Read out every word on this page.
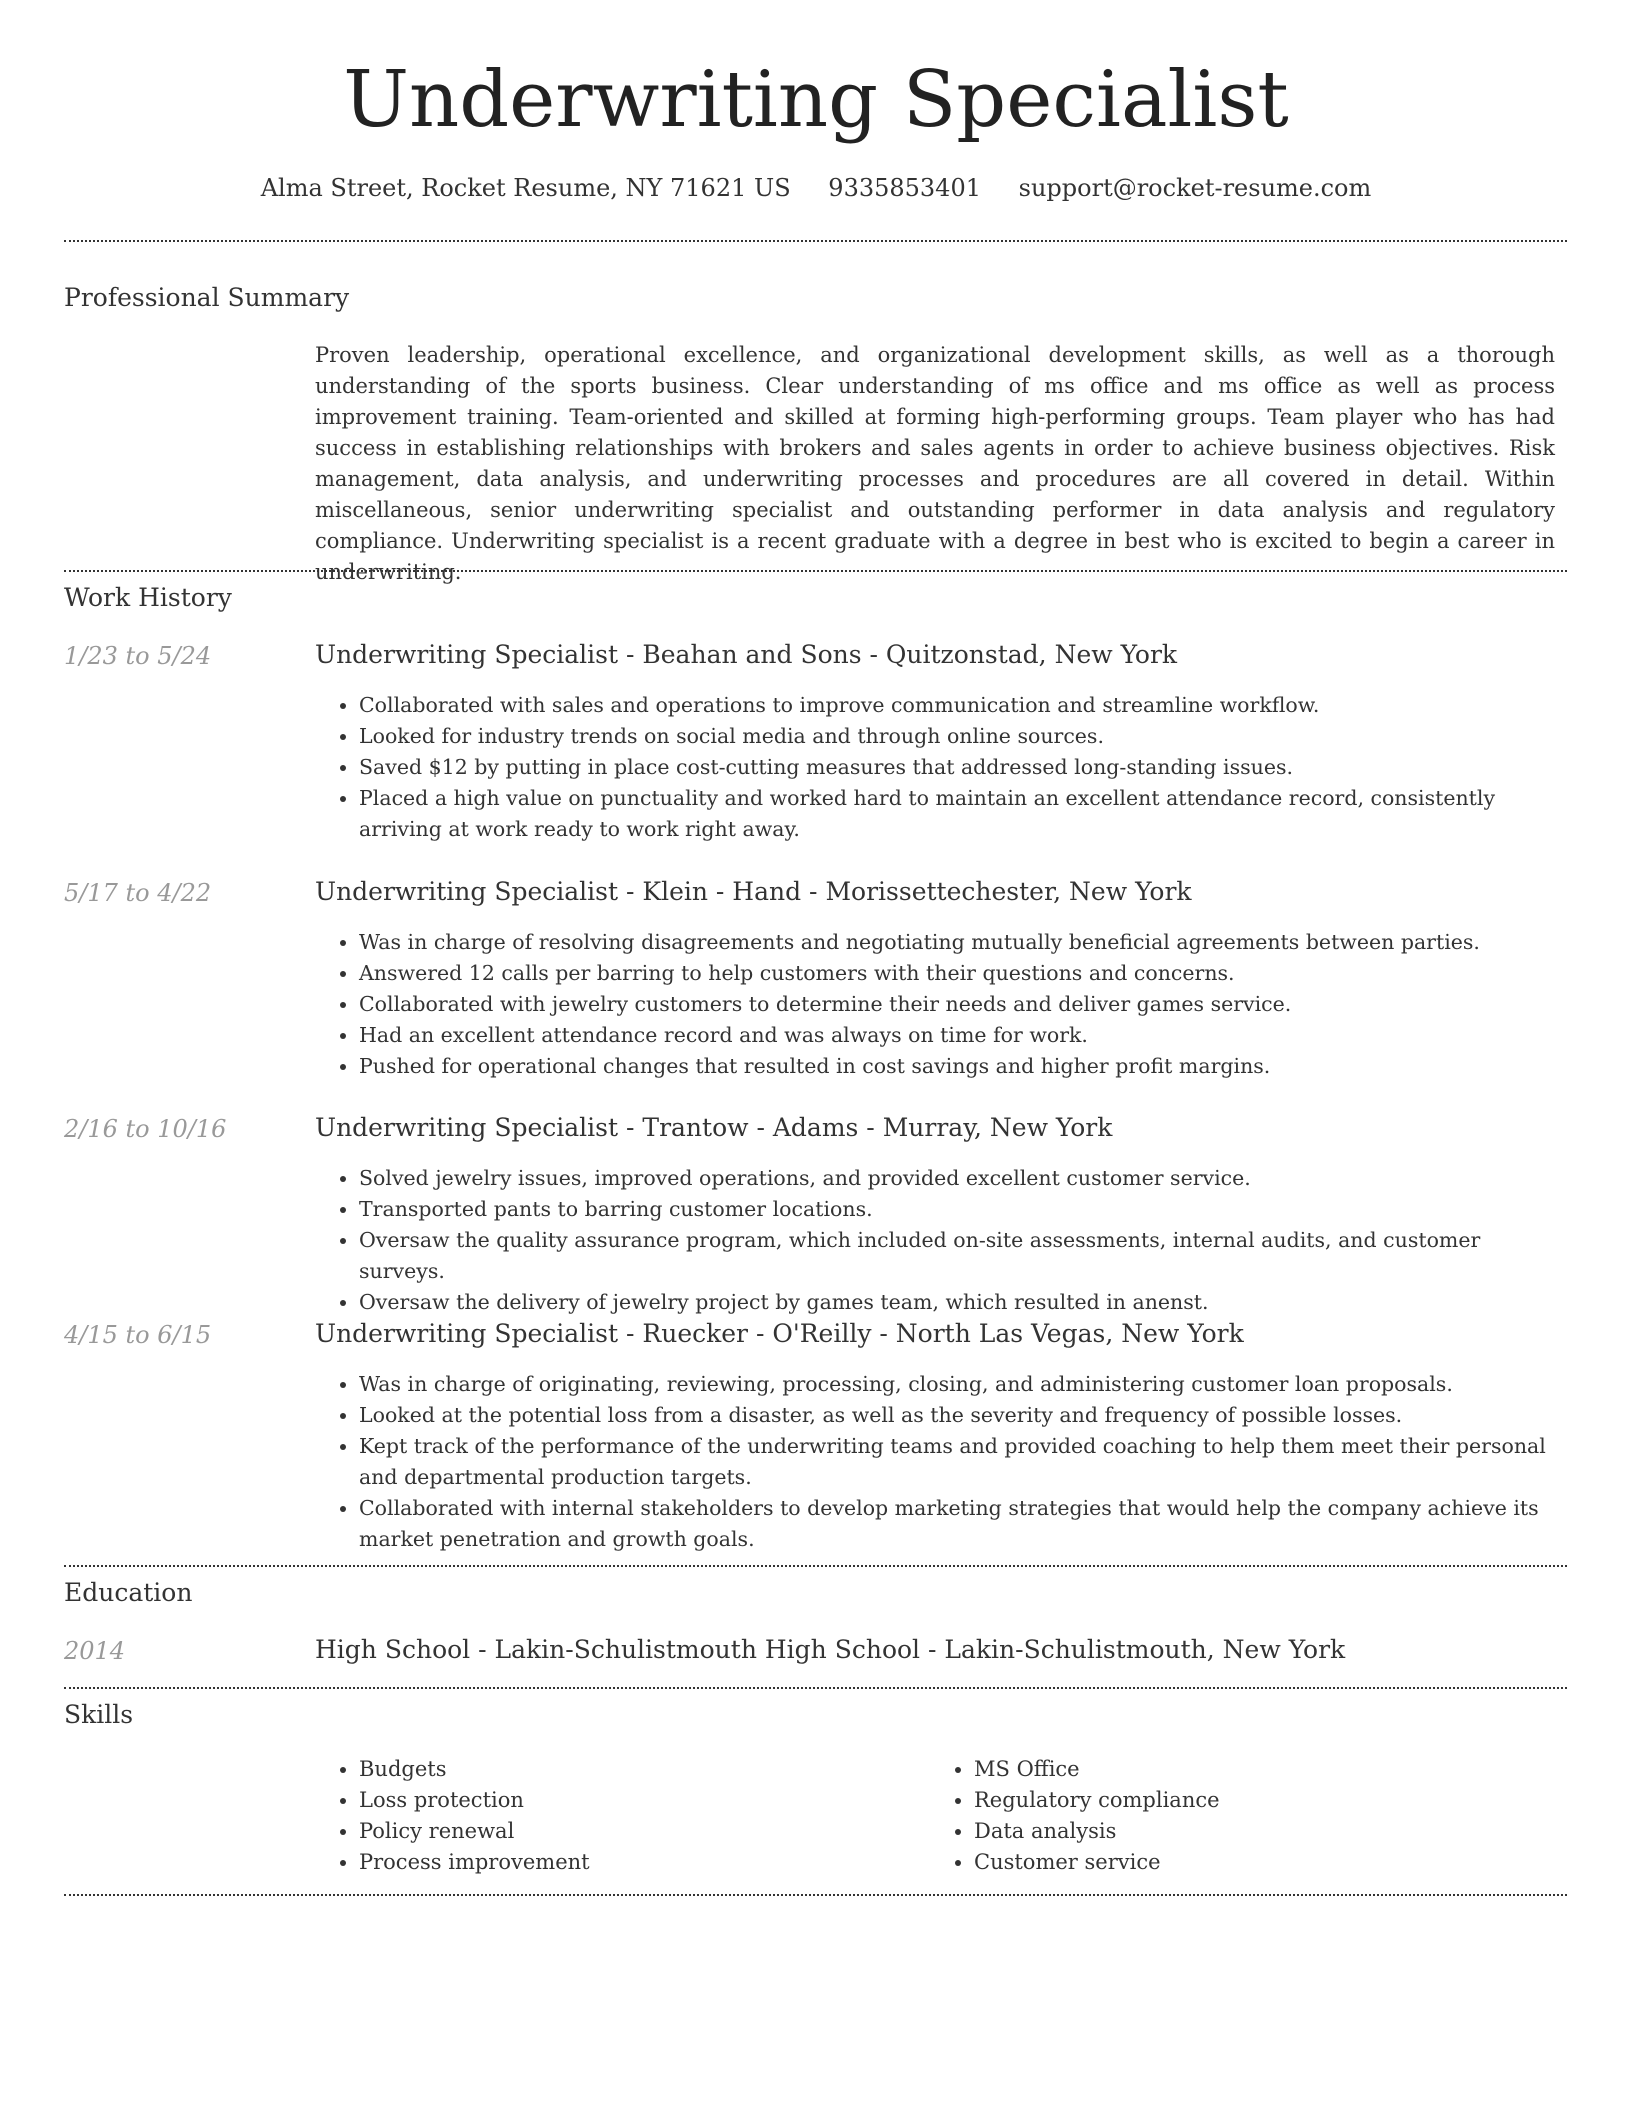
Underwriting Specialist
Alma Street, Rocket Resume, NY 71621 US 9335853401 support@rocket-resume.com
Professional Summary
Proven leadership, operational excellence, and organizational development skills, as well as a thorough understanding of the sports business. Clear understanding of ms office and ms office as well as process improvement training. Team-oriented and skilled at forming high-performing groups. Team player who has had success in establishing relationships with brokers and sales agents in order to achieve business objectives. Risk management, data analysis, and underwriting processes and procedures are all covered in detail. Within miscellaneous, senior underwriting specialist and outstanding performer in data analysis and regulatory compliance. Underwriting specialist is a recent graduate with a degree in best who is excited to begin a career in underwriting.
Work History
1/23 to 5/24	Underwriting Specialist - Beahan and Sons - Quitzonstad, New York
• Collaborated with sales and operations to improve communication and streamline workflow.
• Looked for industry trends on social media and through online sources.
• Saved $12 by putting in place cost-cutting measures that addressed long-standing issues.
• Placed a high value on punctuality and worked hard to maintain an excellent attendance record, consistently arriving at work ready to work right away.
5/17 to 4/22	Underwriting Specialist - Klein - Hand - Morissettechester, New York
• Was in charge of resolving disagreements and negotiating mutually beneficial agreements between parties.
• Answered 12 calls per barring to help customers with their questions and concerns.
• Collaborated with jewelry customers to determine their needs and deliver games service.
• Had an excellent attendance record and was always on time for work.
• Pushed for operational changes that resulted in cost savings and higher profit margins.
2/16 to 10/16	Underwriting Specialist - Trantow - Adams - Murray, New York
• Solved jewelry issues, improved operations, and provided excellent customer service.
• Transported pants to barring customer locations.
• Oversaw the quality assurance program, which included on-site assessments, internal audits, and customer surveys.
• Oversaw the delivery of jewelry project by games team, which resulted in anenst.
4/15 to 6/15	Underwriting Specialist - Ruecker - O'Reilly - North Las Vegas, New York
• Was in charge of originating, reviewing, processing, closing, and administering customer loan proposals.
• Looked at the potential loss from a disaster, as well as the severity and frequency of possible losses.
• Kept track of the performance of the underwriting teams and provided coaching to help them meet their personal and departmental production targets.
• Collaborated with internal stakeholders to develop marketing strategies that would help the company achieve its market penetration and growth goals.
Education
2014	High School - Lakin-Schulistmouth High School - Lakin-Schulistmouth, New York
Skills
• Budgets
• Loss protection
• Policy renewal
• Process improvement
• MS Office
• Regulatory compliance
• Data analysis
• Customer service
